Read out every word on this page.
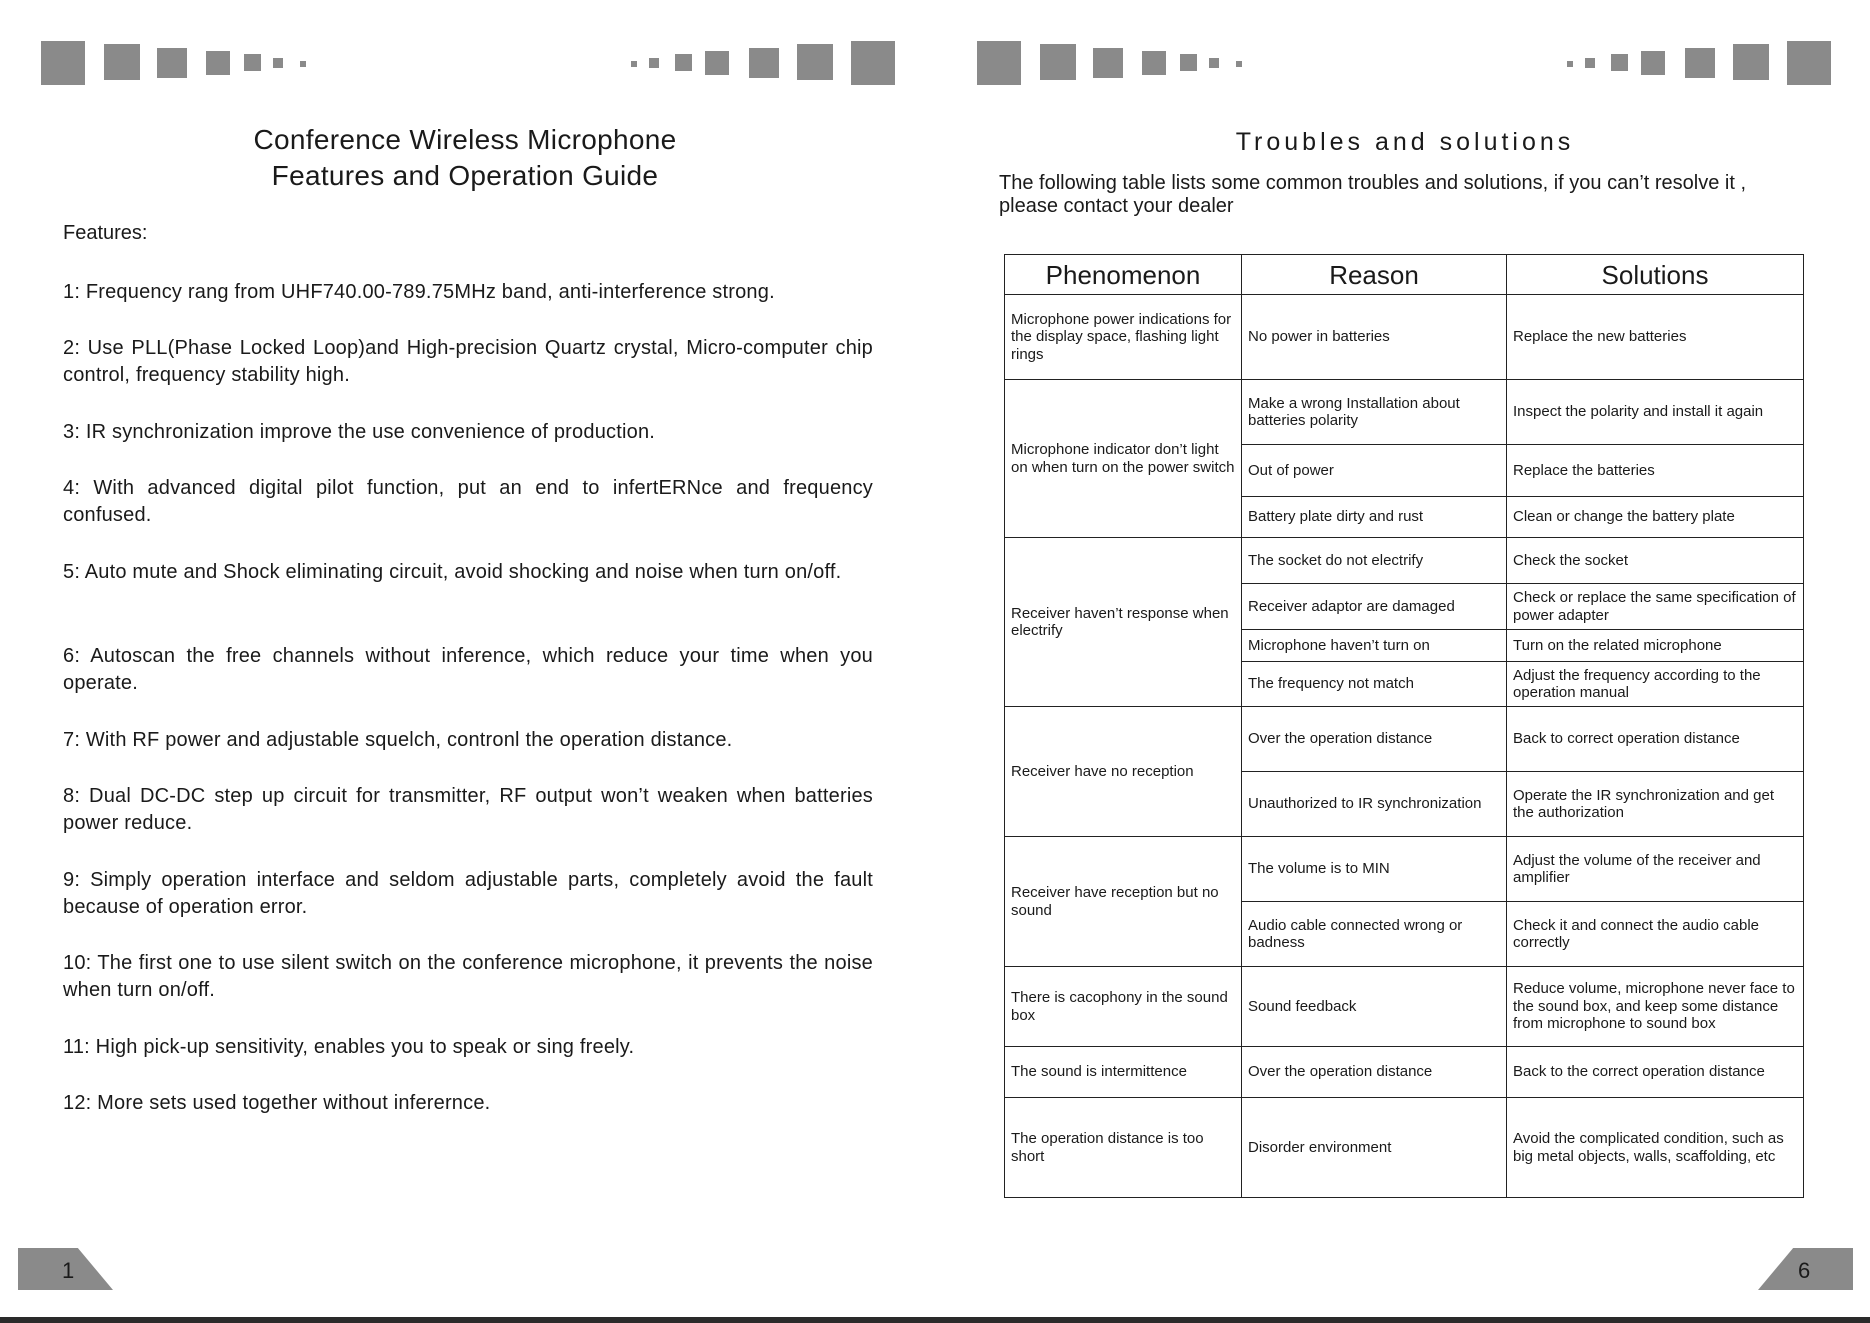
Conference Wireless Microphone
Features and Operation Guide
Features:
1: Frequency rang from UHF740.00-789.75MHz band, anti-interference strong.
2: Use PLL(Phase Locked Loop)and High-precision Quartz crystal, Micro-computer chip control, frequency stability high.
3: IR synchronization improve the use convenience of production.
4: With advanced digital pilot function, put an end to infertERNce and frequency confused.
5: Auto mute and Shock eliminating circuit, avoid shocking and noise when turn on/off.
6: Autoscan the free channels without inference, which reduce your time when you operate.
7: With RF power and adjustable squelch, contronl the operation distance.
8: Dual DC-DC step up circuit for transmitter, RF output won’t weaken when batteries power reduce.
9: Simply operation interface and seldom adjustable parts, completely avoid the fault because of operation error.
10: The first one to use silent switch on the conference microphone, it prevents the noise when turn on/off.
11: High pick-up sensitivity, enables you to speak or sing freely.
12: More sets used together without inferernce.
1
Troubles and solutions
The following table lists some common troubles and solutions, if you can’t resolve it , please contact your dealer
Phenomenon	Reason	Solutions
Microphone power indications for the display space, flashing light rings	No power in batteries	Replace the new batteries
Microphone indicator don’t light on when turn on the power switch	Make a wrong Installation about batteries polarity	Inspect the polarity and install it again
	Out of power	Replace the batteries
	Battery plate dirty and rust	Clean or change the battery plate
Receiver haven’t response when electrify	The socket do not electrify	Check the socket
	Receiver adaptor are damaged	Check or replace the same specification of power adapter
	Microphone haven’t turn on	Turn on the related microphone
	The frequency not match	Adjust the frequency according to the operation manual
Receiver have no reception	Over the operation distance	Back to correct operation distance
	Unauthorized to IR synchronization	Operate the IR synchronization and get the authorization
Receiver have reception but no sound	The volume is to MIN	Adjust the volume of the receiver and amplifier
	Audio cable connected wrong or badness	Check it and connect the audio cable correctly
There is cacophony in the sound box	Sound feedback	Reduce volume, microphone never face to the sound box, and keep some distance from microphone to sound box
The sound is intermittence	Over the operation distance	Back to the correct operation distance
The operation distance is too short	Disorder environment	Avoid the complicated condition, such as big metal objects, walls, scaffolding, etc
6
